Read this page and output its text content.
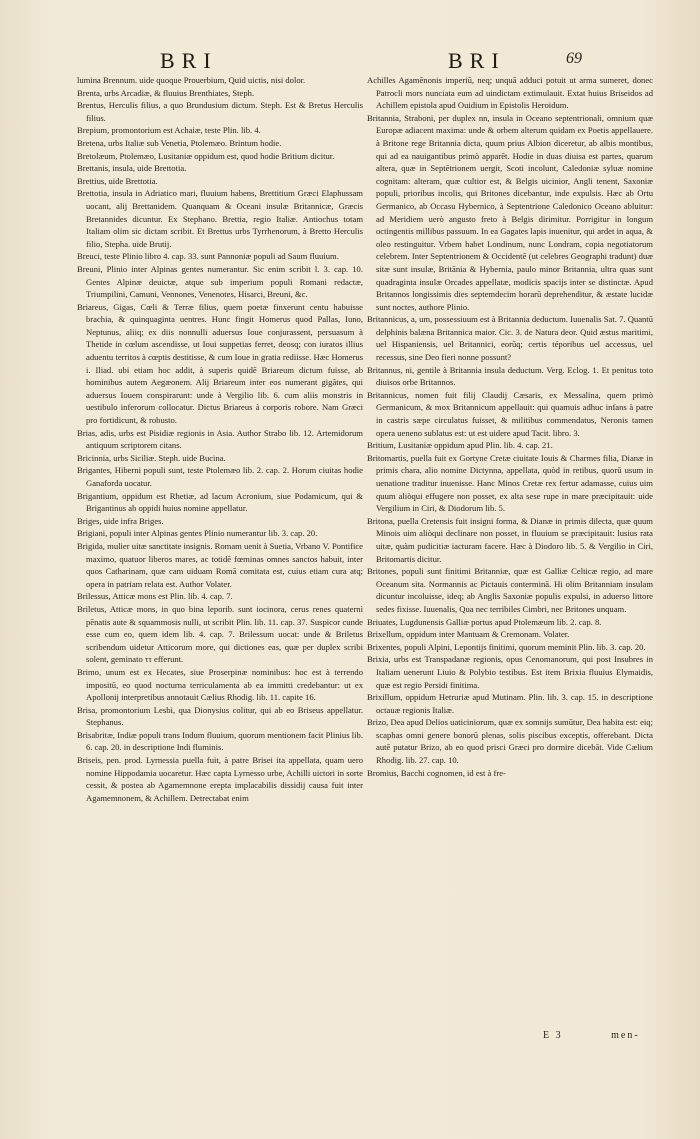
BRI	BRI	69

lumina Brennum. uide quoque Prouerbium, Quid uictis, nisi dolor.

Brenta, urbs Arcadiæ, & fluuius Brenthiates, Steph.

Brentus, Herculis filius, a quo Brundusium dictum. Steph. Est & Bretus Herculis filius.

Brepium, promontorium est Achaiæ, teste Plin. lib. 4.

Bretena, urbs Italiæ sub Venetia, Ptolemæo. Brintum hodie.

Bretolæum, Ptolemæo, Lusitaniæ oppidum est, quod hodie Britium dicitur.

Brettanis, insula, uide Brettotia.

Brettius, uide Brettotia.

Brettotia, insula in Adriatico mari, fluuium habens, Brettitium Græci Elaphussam uocant, alij Brettanidem. Quanquam & Oceani insulæ Britannicæ, Græcis Bretannides dicuntur. Ex Stephano. Brettia, regio Italiæ. Antiochus totam Italiam olim sic dictam scribit. Et Brettus urbs Tyrrhenorum, à Bretto Herculis filio, Stepha. uide Brutij.

Breuci, teste Plinio libro 4. cap. 33. sunt Pannoniæ populi ad Saum fluuium.

Breuni, Plinio inter Alpinas gentes numerantur. Sic enim scribit l. 3. cap. 10. Gentes Alpinæ deuictæ, atque sub imperium populi Romani redactæ, Triumpilini, Camuni, Vennones, Venenotes, Hisarci, Breuni, &c.

Briareus, Gigas, Cœli & Terræ filius, quem poetæ finxerunt centu habuisse brachia, & quinquaginta uentres. Hunc fingit Homerus quod Pallas, Iuno, Neptunus, aliiq; ex diis nonnulli aduersus Ioue conjurassent, persuasum à Thetide in cœlum ascendisse, ut Ioui suppetias ferret, deosq; con iuratos illius aduentu territos à cœptis destitisse, & cum Ioue in gratia rediisse. Hæc Homerus i. Iliad. ubi etiam hoc addit, à superis quidē Briareum dictum fuisse, ab hominibus autem Aegæonem. Alij Briareum inter eos numerant gigãtes, qui aduersus Iouem conspirarunt: unde à Vergilio lib. 6. cum aliis monstris in uestibulo inferorum collocatur. Dictus Briareus à corporis robore. Nam Græci pro fortidicunt, & robusto.

Brias, adis, urbs est Pisidiæ regionis in Asia. Author Strabo lib. 12. Artemidorum antiquum scriptorem citans.

Bricinnia, urbs Siciliæ. Steph. uide Bucina.

Brigantes, Hiberni populi sunt, teste Ptolemæo lib. 2. cap. 2. Horum ciuitas hodie Ganaforda uocatur.

Brigantium, oppidum est Rhetiæ, ad lacum Acronium, siue Podamicum, qui & Brigantinus ab oppidi huius nomine appellatur.

Briges, uide infra Briges.

Brigiani, populi inter Alpinas gentes Plinio numerantur lib. 3. cap. 20.

Brigida, mulier uitæ sanctitate insignis. Romam uenit à Suetia, Vrbano V. Pontifice maximo, quatuor liberos mares, ac totidē fœminas omnes sanctos habuit, inter quos Catharinam, quæ cam uiduam Romā comitata est, cuius etiam cura atq; opera in patriam relata est. Author Volater.

Brilessus, Atticæ mons est Plin. lib. 4. cap. 7.

Briletus, Atticæ mons, in quo bina leporib. sunt iocinora, cerus renes quaternì pēnatis aute & squammosis nulli, ut scribit Plin. lib. 11. cap. 37. Suspicor cunde esse cum eo, quem idem lib. 4. cap. 7. Brilessum uocat: unde & Briletus scribendum uidetur Atticorum more, qui dictiones eas, quæ per duplex scribi solent, geminato ττ efferunt.

Brimo, unum est ex Hecates, siue Proserpinæ nominibus: hoc est à terrendo impositū, eo quod nocturna terriculamenta ab ea immitti credebantur: ut ex Apollonij interpretibus annotauit Cælius Rhodig. lib. 11. capite 16.

Brisa, promontorium Lesbi, qua Dionysius colitur, qui ab eo Briseus appellatur. Stephanus.

Brisabritæ, Indiæ populi trans Indum fluuium, quorum mentionem facit Plinius lib. 6. cap. 20. in descriptione Indi fluminis.

Briseis, pen. prod. Lyrnessia puella fuit, à patre Brisei ita appellata, quam uero nomine Hippodamia uocaretur. Hæc capta Lyrnesso urbe, Achilli uictori in sorte cessit, & postea ab Agamemnone erepta implacabilis dissidij causa fuit inter Agamemnonem, & Achillem. Detrectabat enim

Achilles Agamēnonis imperiū, neq; unquā adduci potuit ut arma sumeret, donec Patrocli mors nunciata eum ad uindictam extimulauit. Extat huius Briseidos ad Achillem epistola apud Ouidium in Epistolis Heroidum.

Britannia, Straboni, per duplex nn, insula in Oceano septentrionali, omnium quæ Europæ adiacent maxima: unde & orbem alterum quidam ex Poetis appellauere. à Britone rege Britannia dicta, quum prius Albion diceretur, ab albis montibus, qui ad ea nauigantibus primò apparēt. Hodie in duas diuisa est partes, quarum altera, quæ in Septētrionem uergit, Scoti incolunt, Caledoniæ syluæ nomine cognitam: alteram, quæ cultior est, & Belgis uicinior, Angli tenent, Saxoniæ populi, prioribus incolis, qui Britones dicebantur, inde expulsis. Hæc ab Ortu Germanico, ab Occasu Hybernico, à Septentrione Caledonico Oceano abluitur: ad Meridiem uerò angusto freto à Belgis dirimitur. Porrigitur in longum octingentis millibus passuum. In ea Gagates lapis inuenitur, qui ardet in aqua, & oleo restinguitur. Vrbem habet Londinum, nunc Londram, copia negotiatorum celebrem. Inter Septentrionem & Occidentē (ut celebres Geographi tradunt) duæ sitæ sunt insulæ, Britānia & Hybernia, paulo minor Britannia, ultra quas sunt quadraginta insulæ Orcades appellatæ, modicis spacijs inter se distinctæ. Apud Britannos longissimis dies septemdecim horarū deprehenditur, & æstate lucidæ sunt noctes, authore Plinio.

Britannicus, a, um, possessiuum est à Britannia deductum. Iuuenalis Sat. 7. Quantū delphinis balæna Britannica maior. Cic. 3. de Natura deor. Quid æstus maritimi, uel Hispaniensis, uel Britannici, eorūq; certis téporibus uel accessus, uel recessus, sine Deo fieri nonne possunt?

Britannus, ni, gentile à Britannia insula deductum. Verg. Eclog. 1. Et penitus toto diuisos orbe Britannos.

Britannicus, nomen fuit filij Claudij Cæsaris, ex Messalina, quem primò Germanicum, & mox Britannicum appellauit: qui quamuis adhuc infans à patre in castris sæpe circulatus fuisset, & militibus commendatus, Neronis tamen opera ueneno sublatus est: ut est uidere apud Tacit. libro. 3.

Britium, Lusitaniæ oppidum apud Plin. lib. 4. cap. 21.

Britomartis, puella fuit ex Gortyne Cretæ ciuitate Iouis & Charmes filia, Dianæ in primis chara, alio nomine Dictynna, appellata, quòd in retibus, quorū usum in uenatione traditur inuenisse. Hanc Minos Cretæ rex fertur adamasse, cuius uim quum aliòqui effugere non posset, ex alta sese rupe in mare præcipitauit: uide Vergilium in Ciri, & Diodorum lib. 5.

Britona, puella Cretensis fuit insigni forma, & Dianæ in primis dilecta, quæ quum Minois uim aliòqui declinare non posset, in fluuium se præcipitauit: lusius rata uitæ, quàm pudicitiæ iacturam facere. Hæc à Diodoro lib. 5. & Vergilio in Ciri, Britomartis dicitur.

Britones, populi sunt finitimi Britanniæ, quæ est Galliæ Celticæ regio, ad mare Oceanum sita. Normannis ac Pictauis conterminā. Hi olim Britanniam insulam dicuntur incoluisse, ideq; ab Anglis Saxoniæ populis expulsi, in aduerso littore sedes fixisse. Iuuenalis, Qua nec terribiles Cimbri, nec Britones unquam.

Briuates, Lugdunensis Galliæ portus apud Ptolemæum lib. 2. cap. 8.

Brixellum, oppidum inter Mantuam & Cremonam. Volater.

Brixentes, populi Alpini, Lepontijs finitimi, quorum meminit Plin. lib. 3. cap. 20.

Brixia, urbs est Transpadanæ regionis, opus Cenomanorum, qui post Insubres in Italiam uenerunt Liuio & Polybio testibus. Est item Brixia fluuius Elymaidis, quæ est regio Persidi finitima.

Brixillum, oppidum Hetruriæ apud Mutinam. Plin. lib. 3. cap. 15. in descriptione octauæ regionis Italiæ.

Brizo, Dea apud Delios uaticiniorum, quæ ex somnijs sumūtur, Dea habita est: eiq; scaphas omni genere bonorū plenas, solis piscibus exceptis, offerebant. Dicta autē putatur Brizo, ab eo quod prisci Græci pro dormire dicebāt. Vide Cælium Rhodig. lib. 27. cap. 10.

Bromius, Bacchi cognomen, id est à fre-

E 3	men-
